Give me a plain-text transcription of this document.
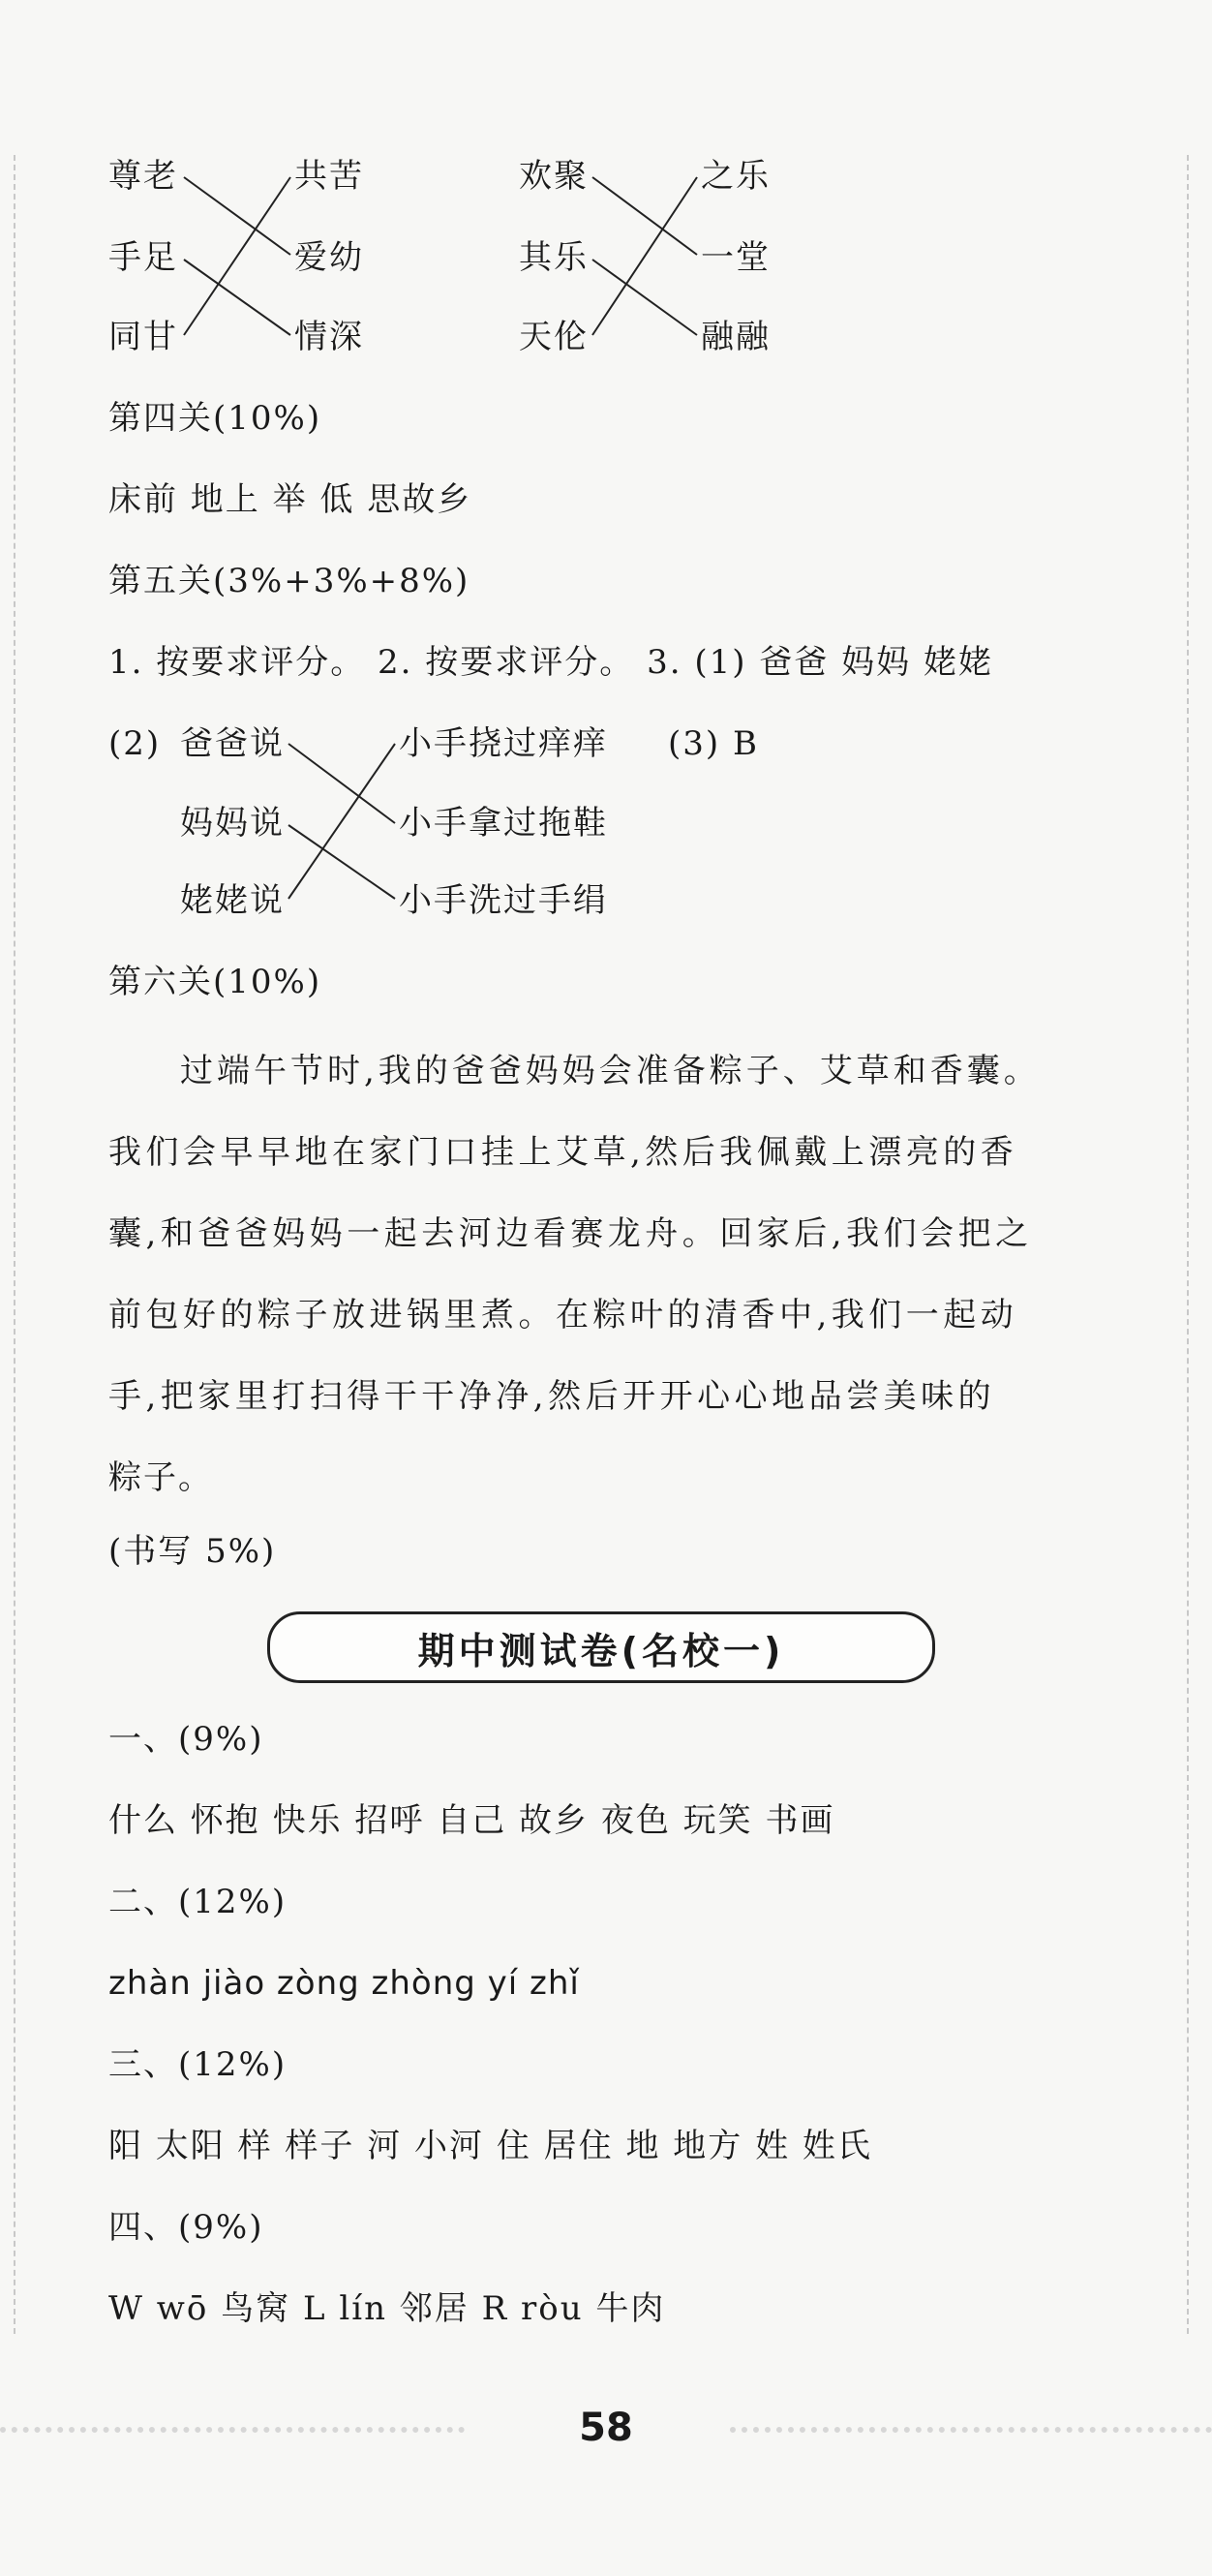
尊老
手足
同甘
共苦
爱幼
情深
欢聚
其乐
天伦
之乐
一堂
融融
第四关(10%)
床前 地上 举 低 思故乡
第五关(3%+3%+8%)
1. 按要求评分。 2. 按要求评分。 3. (1) 爸爸 妈妈 姥姥
(2) 爸爸说
妈妈说
姥姥说
小手挠过痒痒
小手拿过拖鞋
小手洗过手绢
(3) B
第六关(10%)
过端午节时,我的爸爸妈妈会准备粽子、艾草和香囊。
我们会早早地在家门口挂上艾草,然后我佩戴上漂亮的香
囊,和爸爸妈妈一起去河边看赛龙舟。回家后,我们会把之
前包好的粽子放进锅里煮。在粽叶的清香中,我们一起动
手,把家里打扫得干干净净,然后开开心心地品尝美味的
粽子。
(书写 5%)
期中测试卷(名校一)
一、(9%)
什么 怀抱 快乐 招呼 自己 故乡 夜色 玩笑 书画
二、(12%)
zhàn jiào zòng zhòng yí zhǐ
三、(12%)
阳 太阳 样 样子 河 小河 住 居住 地 地方 姓 姓氏
四、(9%)
W wō 鸟窝 L lín 邻居 R ròu 牛肉
58
